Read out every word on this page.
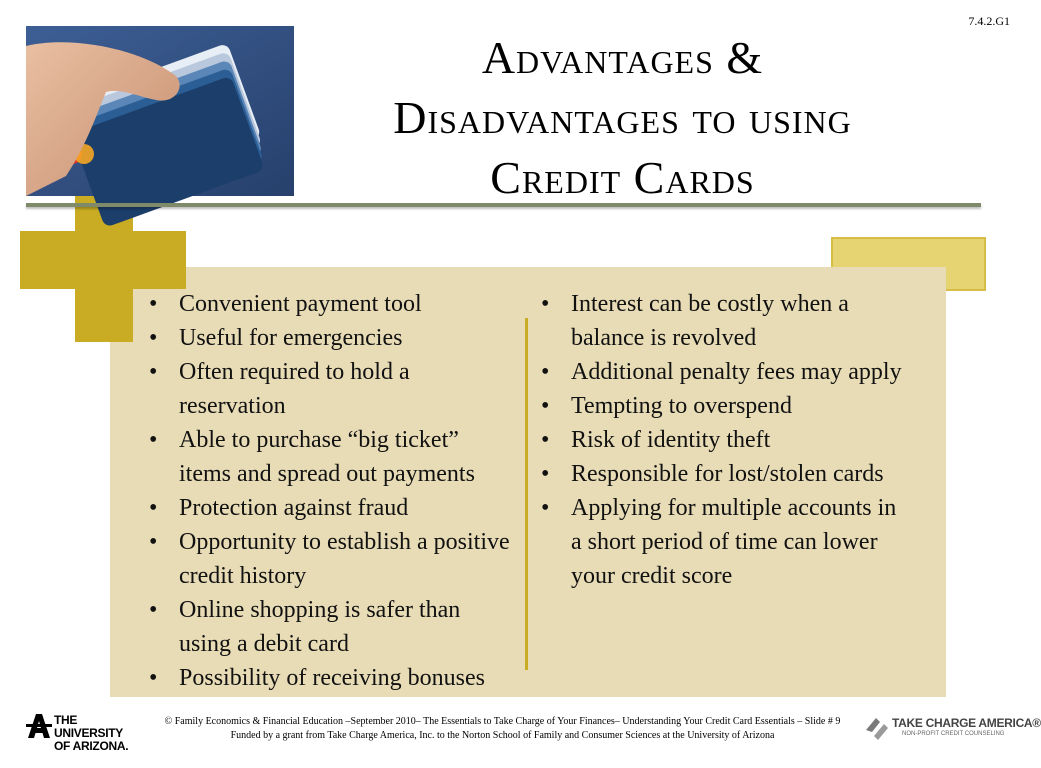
7.4.2.G1
Advantages &
Disadvantages to using
Credit Cards
• Convenient payment tool
• Useful for emergencies
• Often required to hold a reservation
• Able to purchase “big ticket” items and spread out payments
• Protection against fraud
• Opportunity to establish a positive credit history
• Online shopping is safer than using a debit card
• Possibility of receiving bonuses
• Interest can be costly when a balance is revolved
• Additional penalty fees may apply
• Tempting to overspend
• Risk of identity theft
• Responsible for lost/stolen cards
• Applying for multiple accounts in a short period of time can lower your credit score
THE UNIVERSITY
OF ARIZONA.
© Family Economics & Financial Education –September 2010– The Essentials to Take Charge of Your Finances– Understanding Your Credit Card Essentials – Slide # 9
Funded by a grant from Take Charge America, Inc. to the Norton School of Family and Consumer Sciences at the University of Arizona
TAKE CHARGE AMERICA®
NON-PROFIT CREDIT COUNSELING
